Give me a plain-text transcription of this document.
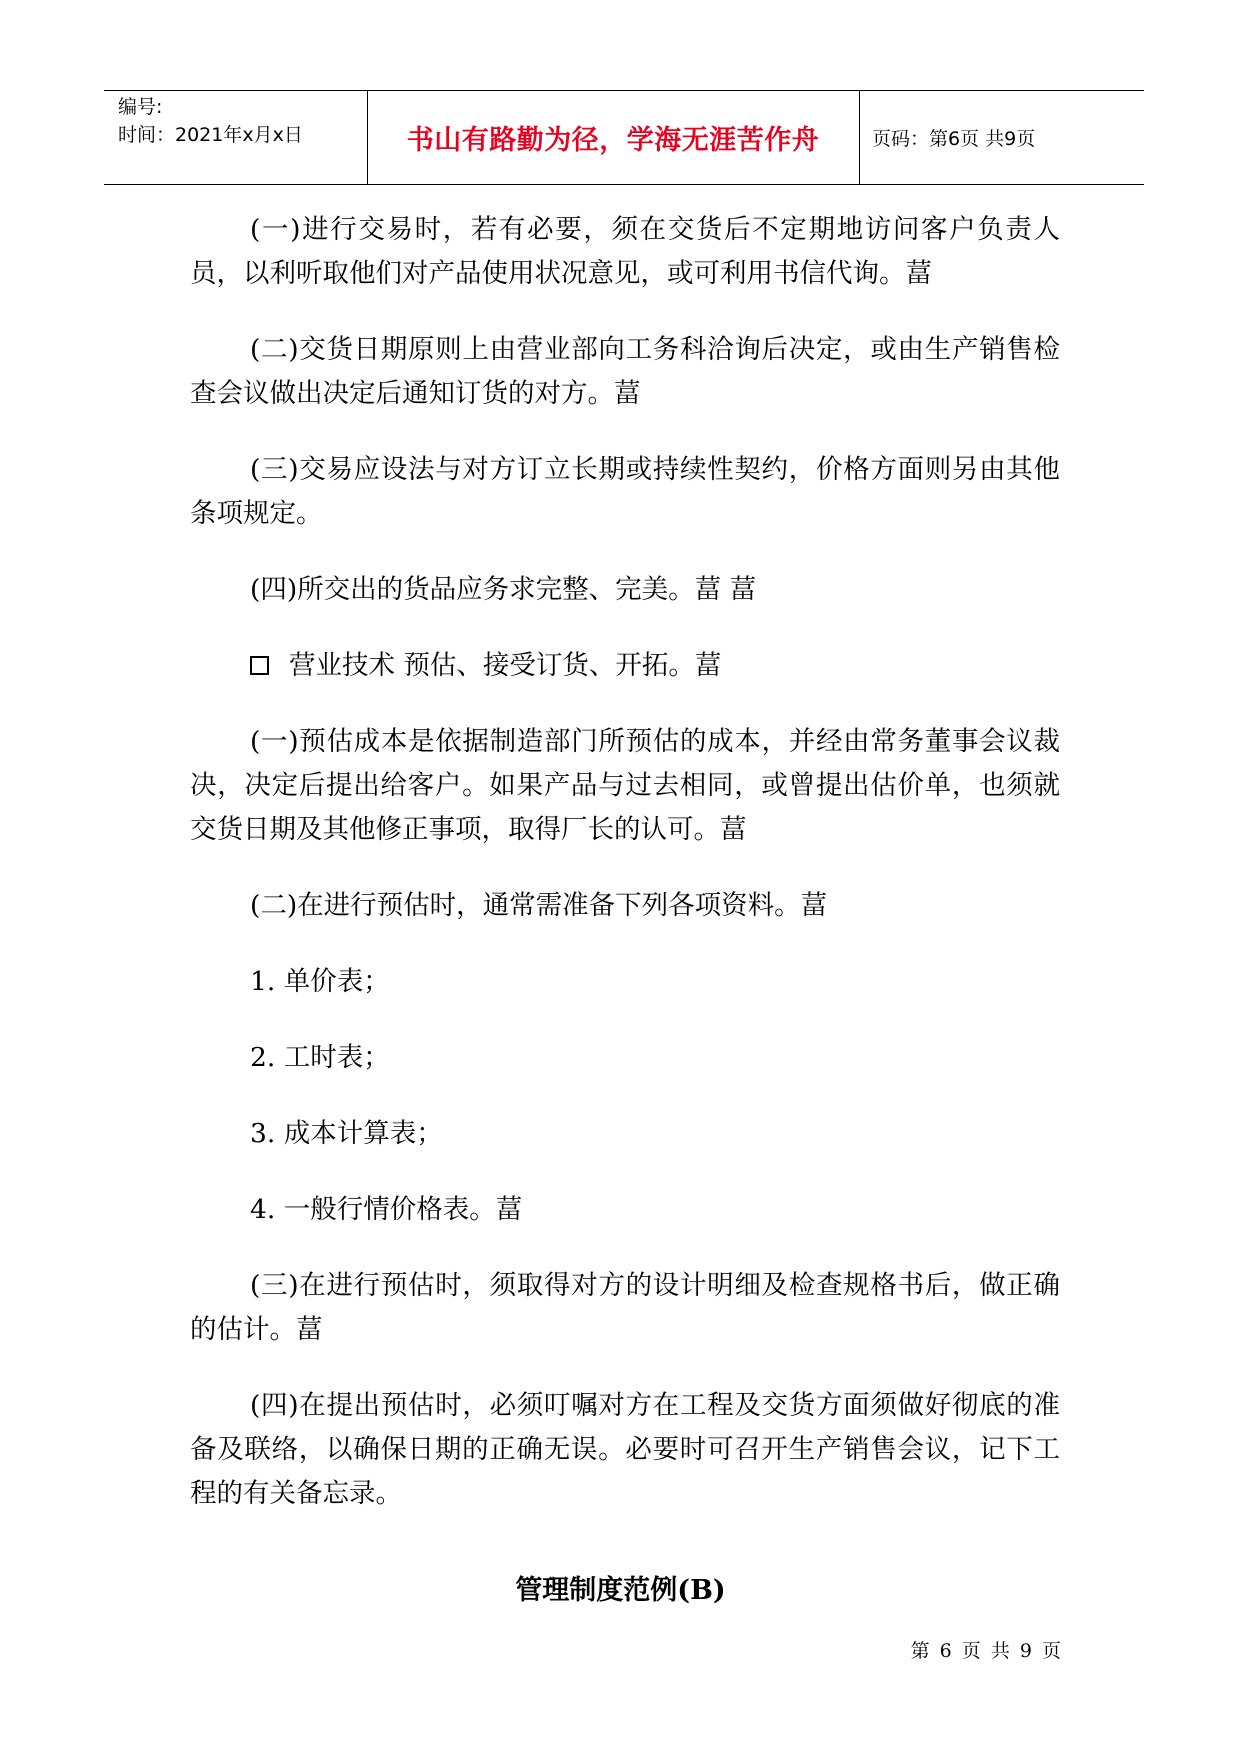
编号:
时间：2021年x月x日	书山有路勤为径，学海无涯苦作舟	页码：第6页 共9页

(一)进行交易时，若有必要，须在交货后不定期地访问客户负责人员，以利听取他们对产品使用状况意见，或可利用书信代询。葍

(二)交货日期原则上由营业部向工务科洽询后决定，或由生产销售检查会议做出决定后通知订货的对方。葍

(三)交易应设法与对方订立长期或持续性契约，价格方面则另由其他条项规定。

(四)所交出的货品应务求完整、完美。葍 葍

营业技术 预估、接受订货、开拓。葍

(一)预估成本是依据制造部门所预估的成本，并经由常务董事会议裁决，决定后提出给客户。如果产品与过去相同，或曾提出估价单，也须就交货日期及其他修正事项，取得厂长的认可。葍

(二)在进行预估时，通常需准备下列各项资料。葍

1. 单价表；

2. 工时表；

3. 成本计算表；

4. 一般行情价格表。葍

(三)在进行预估时，须取得对方的设计明细及检查规格书后，做正确的估计。葍

(四)在提出预估时，必须叮嘱对方在工程及交货方面须做好彻底的准备及联络，以确保日期的正确无误。必要时可召开生产销售会议，记下工程的有关备忘录。

管理制度范例(B)
第 6 页 共 9 页
